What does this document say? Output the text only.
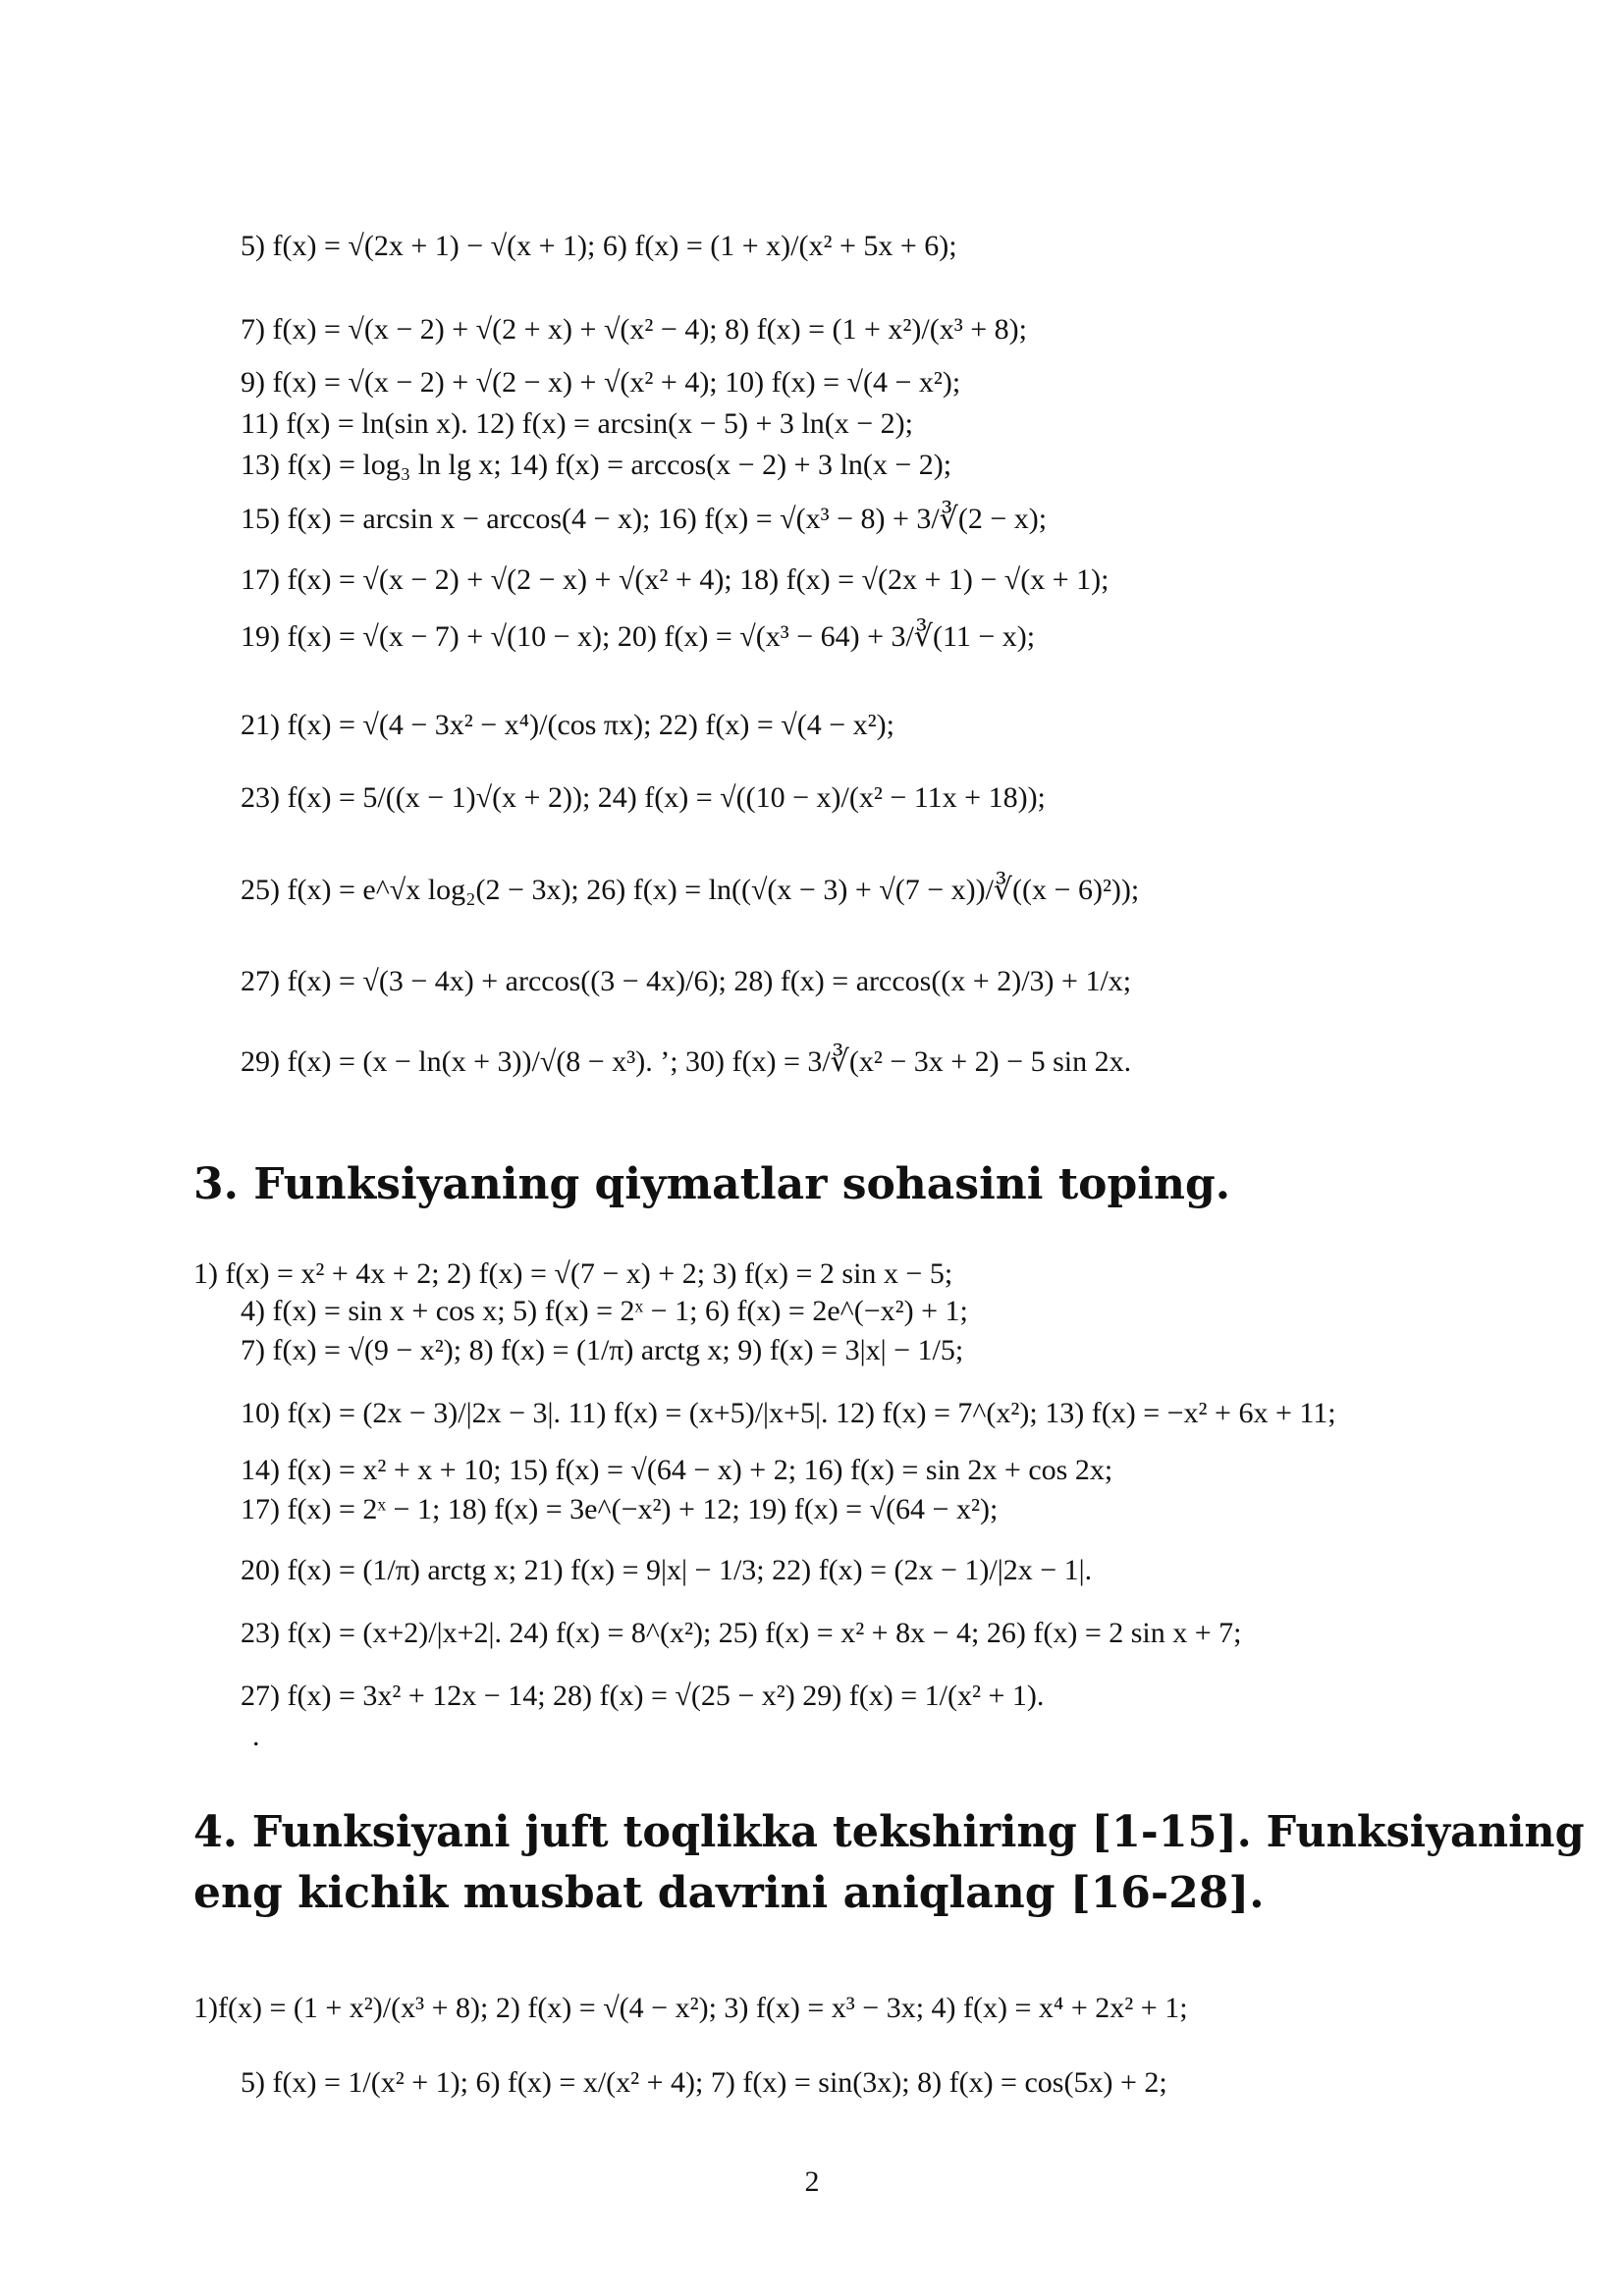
5) f(x) = √(2x + 1) − √(x + 1); 6) f(x) = (1 + x)/(x² + 5x + 6);
7) f(x) = √(x − 2) + √(2 + x) + √(x² − 4); 8) f(x) = (1 + x²)/(x³ + 8);
9) f(x) = √(x − 2) + √(2 − x) + √(x² + 4); 10) f(x) = √(4 − x²);
11) f(x) = ln(sin x). 12) f(x) = arcsin(x − 5) + 3 ln(x − 2);
13) f(x) = log₃ ln lg x; 14) f(x) = arccos(x − 2) + 3 ln(x − 2);
15) f(x) = arcsin x − arccos(4 − x); 16) f(x) = √(x³ − 8) + 3/∛(2 − x);
17) f(x) = √(x − 2) + √(2 − x) + √(x² + 4); 18) f(x) = √(2x + 1) − √(x + 1);
19) f(x) = √(x − 7) + √(10 − x); 20) f(x) = √(x³ − 64) + 3/∛(11 − x);
21) f(x) = √(4 − 3x² − x⁴)/(cos πx); 22) f(x) = √(4 − x²);
23) f(x) = 5/((x − 1)√(x + 2)); 24) f(x) = √((10 − x)/(x² − 11x + 18));
25) f(x) = e^√x log₂(2 − 3x); 26) f(x) = ln((√(x − 3) + √(7 − x))/∛((x − 6)²));
27) f(x) = √(3 − 4x) + arccos((3 − 4x)/6); 28) f(x) = arccos((x + 2)/3) + 1/x;
29) f(x) = (x − ln(x + 3))/√(8 − x³). ’; 30) f(x) = 3/∛(x² − 3x + 2) − 5 sin 2x.
3. Funksiyaning qiymatlar sohasini toping.
1) f(x) = x² + 4x + 2; 2) f(x) = √(7 − x) + 2; 3) f(x) = 2 sin x − 5;
4) f(x) = sin x + cos x; 5) f(x) = 2ˣ − 1; 6) f(x) = 2e^(−x²) + 1;
7) f(x) = √(9 − x²); 8) f(x) = (1/π) arctg x; 9) f(x) = 3|x| − 1/5;
10) f(x) = (2x − 3)/|2x − 3|. 11) f(x) = (x+5)/|x+5|. 12) f(x) = 7^(x²); 13) f(x) = −x² + 6x + 11;
14) f(x) = x² + x + 10; 15) f(x) = √(64 − x) + 2; 16) f(x) = sin 2x + cos 2x;
17) f(x) = 2ˣ − 1; 18) f(x) = 3e^(−x²) + 12; 19) f(x) = √(64 − x²);
20) f(x) = (1/π) arctg x; 21) f(x) = 9|x| − 1/3; 22) f(x) = (2x − 1)/|2x − 1|.
23) f(x) = (x+2)/|x+2|. 24) f(x) = 8^(x²); 25) f(x) = x² + 8x − 4; 26) f(x) = 2 sin x + 7;
27) f(x) = 3x² + 12x − 14; 28) f(x) = √(25 − x²) 29) f(x) = 1/(x² + 1).
.
4. Funksiyani juft toqlikka tekshiring [1-15]. Funksiyaning
eng kichik musbat davrini aniqlang [16-28].
1)f(x) = (1 + x²)/(x³ + 8); 2) f(x) = √(4 − x²); 3) f(x) = x³ − 3x; 4) f(x) = x⁴ + 2x² + 1;
5) f(x) = 1/(x² + 1); 6) f(x) = x/(x² + 4); 7) f(x) = sin(3x); 8) f(x) = cos(5x) + 2;
2
